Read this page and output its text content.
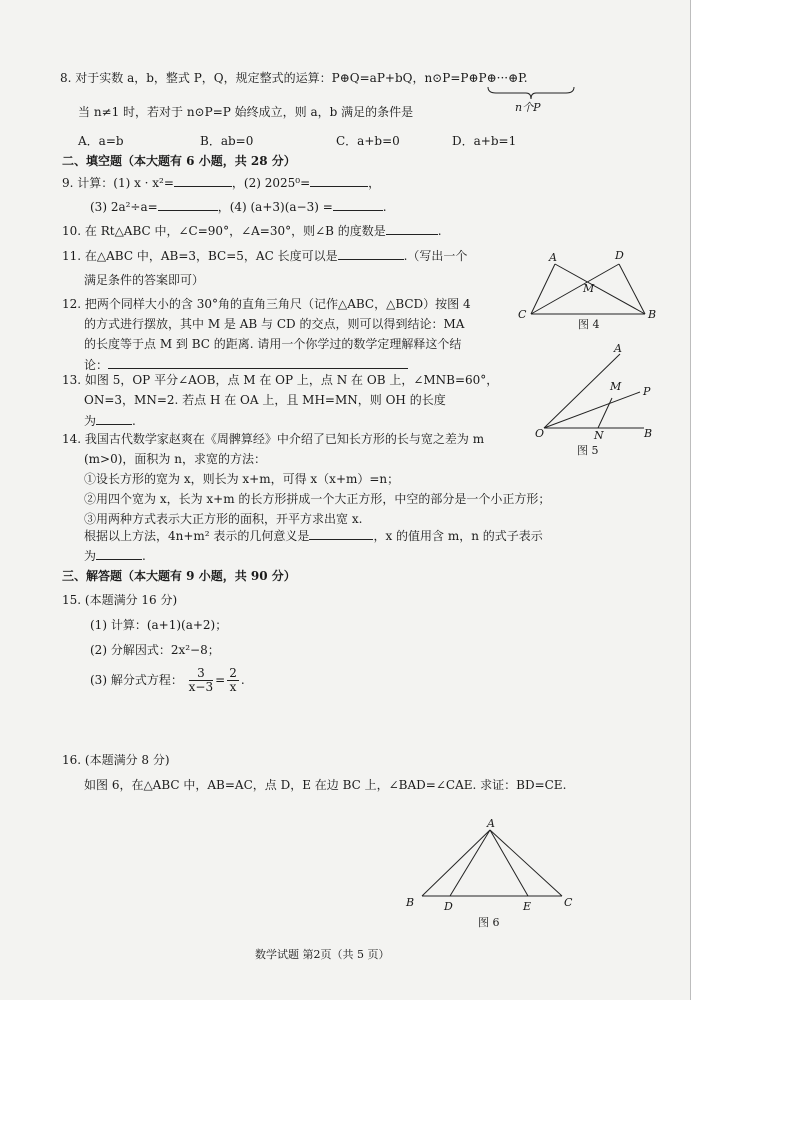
8. 对于实数 a，b，整式 P，Q，规定整式的运算：P⊕Q=aP+bQ，n⊙P=P⊕P⊕···⊕P.
n个P
当 n≠1 时，若对于 n⊙P=P 始终成立，则 a，b 满足的条件是
A．a=b	B．ab=0	C．a+b=0	D．a+b=1
二、填空题（本大题有 6 小题，共 28 分）
9. 计算：(1) x · x²=	，(2) 2025⁰=	，
(3) 2a²÷a=	，(4) (a+3)(a−3) =	.
10. 在 Rt△ABC 中，∠C=90°，∠A=30°，则∠B 的度数是	.
11. 在△ABC 中，AB=3，BC=5，AC 长度可以是	.（写出一个
满足条件的答案即可）
A	D
M
C	B
图 4
12. 把两个同样大小的含 30°角的直角三角尺（记作△ABC，△BCD）按图 4
的方式进行摆放，其中 M 是 AB 与 CD 的交点，则可以得到结论：MA
的长度等于点 M 到 BC 的距离. 请用一个你学过的数学定理解释这个结
论：
13. 如图 5，OP 平分∠AOB，点 M 在 OP 上，点 N 在 OB 上，∠MNB=60°，
ON=3，MN=2. 若点 H 在 OA 上，且 MH=MN，则 OH 的长度
为	.
A
M P
O	N	B
图 5
14. 我国古代数学家赵爽在《周髀算经》中介绍了已知长方形的长与宽之差为 m
(m>0)，面积为 n，求宽的方法：
①设长方形的宽为 x，则长为 x+m，可得 x（x+m）=n；
②用四个宽为 x，长为 x+m 的长方形拼成一个大正方形，中空的部分是一个小正方形；
③用两种方式表示大正方形的面积，开平方求出宽 x.
根据以上方法，4n+m² 表示的几何意义是	，x 的值用含 m，n 的式子表示
为	.
三、解答题（本大题有 9 小题，共 90 分）
15. (本题满分 16 分)
(1) 计算：(a+1)(a+2)；
(2) 分解因式：2x²−8；
(3) 解分式方程： $\frac{3}{x-3} = \frac{2}{x}$ .
16. (本题满分 8 分)
如图 6，在△ABC 中，AB=AC，点 D，E 在边 BC 上，∠BAD=∠CAE. 求证：BD=CE.
A
B	D	E	C
图 6
数学试题 第2页（共 5 页）
